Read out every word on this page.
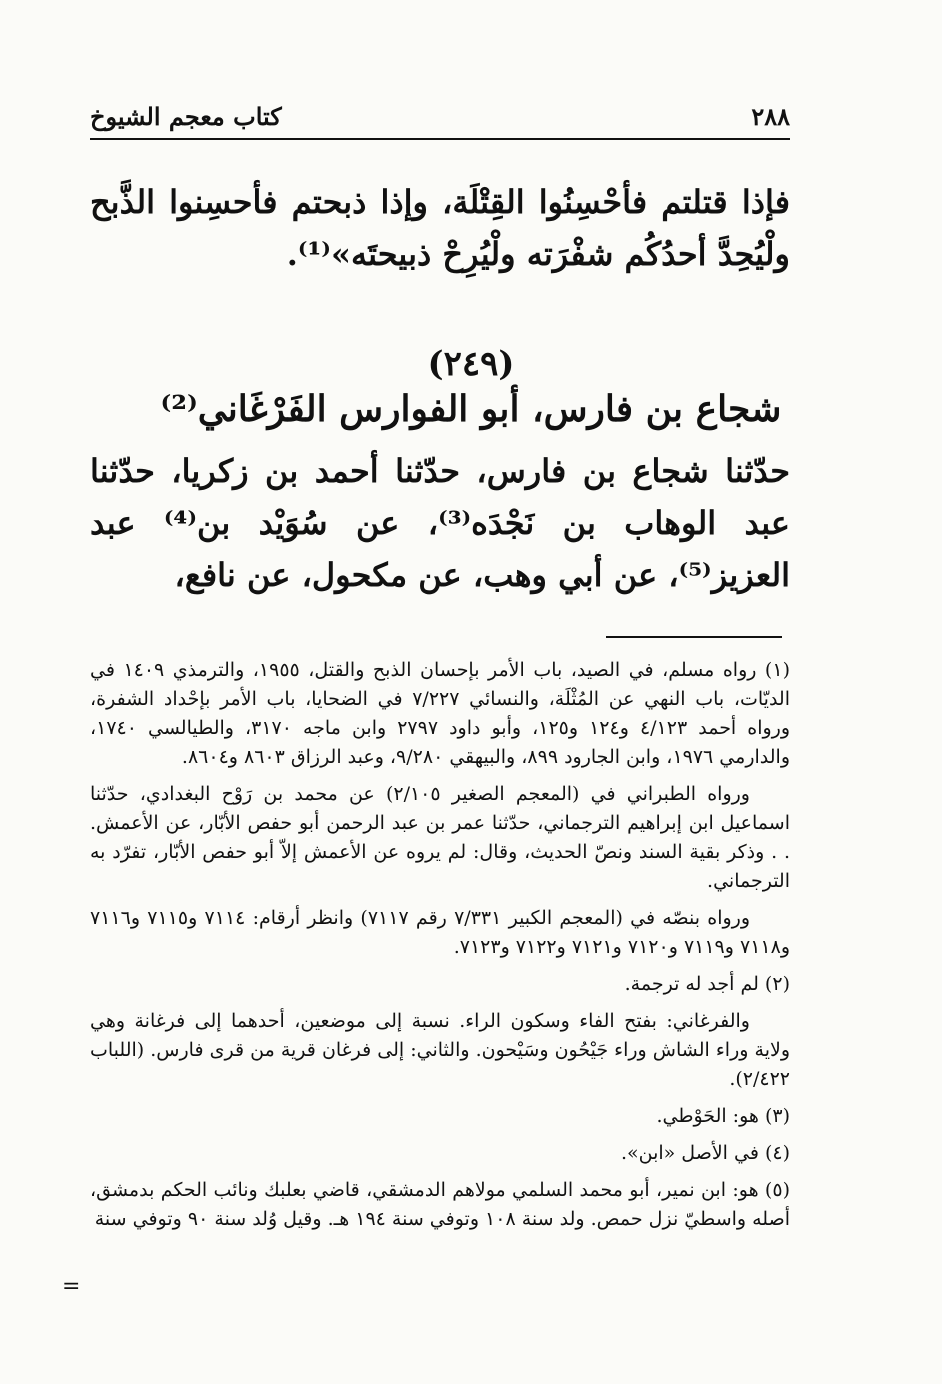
٢٨٨
كتاب معجم الشيوخ
فإذا قتلتم فأحْسِنُوا القِتْلَة، وإذا ذبحتم فأحسِنوا الذَّبح ولْيُحِدَّ أحدُكُم شفْرَته ولْيُرِحْ ذبيحتَه»⁽¹⁾.
(٢٤٩)
شجاع بن فارس، أبو الفوارس الفَرْغَاني⁽²⁾
حدّثنا شجاع بن فارس، حدّثنا أحمد بن زكريا، حدّثنا عبد الوهاب بن نَجْدَه⁽³⁾، عن سُوَيْد بن⁽⁴⁾ عبد العزيز⁽⁵⁾، عن أبي وهب، عن مكحول، عن نافع،

(١) رواه مسلم، في الصيد، باب الأمر بإحسان الذبح والقتل، ١٩٥٥، والترمذي ١٤٠٩ في الديّات، باب النهي عن المُثْلَة، والنسائي ٧/٢٢٧ في الضحايا، باب الأمر بإحْداد الشفرة، ورواه أحمد ٤/١٢٣ و١٢٤ و١٢٥، وأبو داود ٢٧٩٧ وابن ماجه ٣١٧٠، والطيالسي ١٧٤٠، والدارمي ١٩٧٦، وابن الجارود ٨٩٩، والبيهقي ٩/٢٨٠، وعبد الرزاق ٨٦٠٣ و٨٦٠٤.

ورواه الطبراني في (المعجم الصغير ٢/١٠٥) عن محمد بن رَوْح البغدادي، حدّثنا اسماعيل ابن إبراهيم الترجماني، حدّثنا عمر بن عبد الرحمن أبو حفص الأبّار، عن الأعمش. . . وذكر بقية السند ونصّ الحديث، وقال: لم يروه عن الأعمش إلاّ أبو حفص الأبّار، تفرّد به الترجماني.

ورواه بنصّه في (المعجم الكبير ٧/٣٣١ رقم ٧١١٧) وانظر أرقام: ٧١١٤ و٧١١٥ و٧١١٦ و٧١١٨ و٧١١٩ و٧١٢٠ و٧١٢١ و٧١٢٢ و٧١٢٣.

(٢) لم أجد له ترجمة.

والفرغاني: بفتح الفاء وسكون الراء. نسبة إلى موضعين، أحدهما إلى فرغانة وهي ولاية وراء الشاش وراء جَيْحُون وسَيْحون. والثاني: إلى فرغان قرية من قرى فارس. (اللباب ٢/٤٢٢).

(٣) هو: الحَوْطي.

(٤) في الأصل «ابن».

(٥) هو: ابن نمير، أبو محمد السلمي مولاهم الدمشقي، قاضي بعلبك ونائب الحكم بدمشق، أصله واسطيّ نزل حمص. ولد سنة ١٠٨ وتوفي سنة ١٩٤ هـ. وقيل وُلد سنة ٩٠ وتوفي سنة

=
